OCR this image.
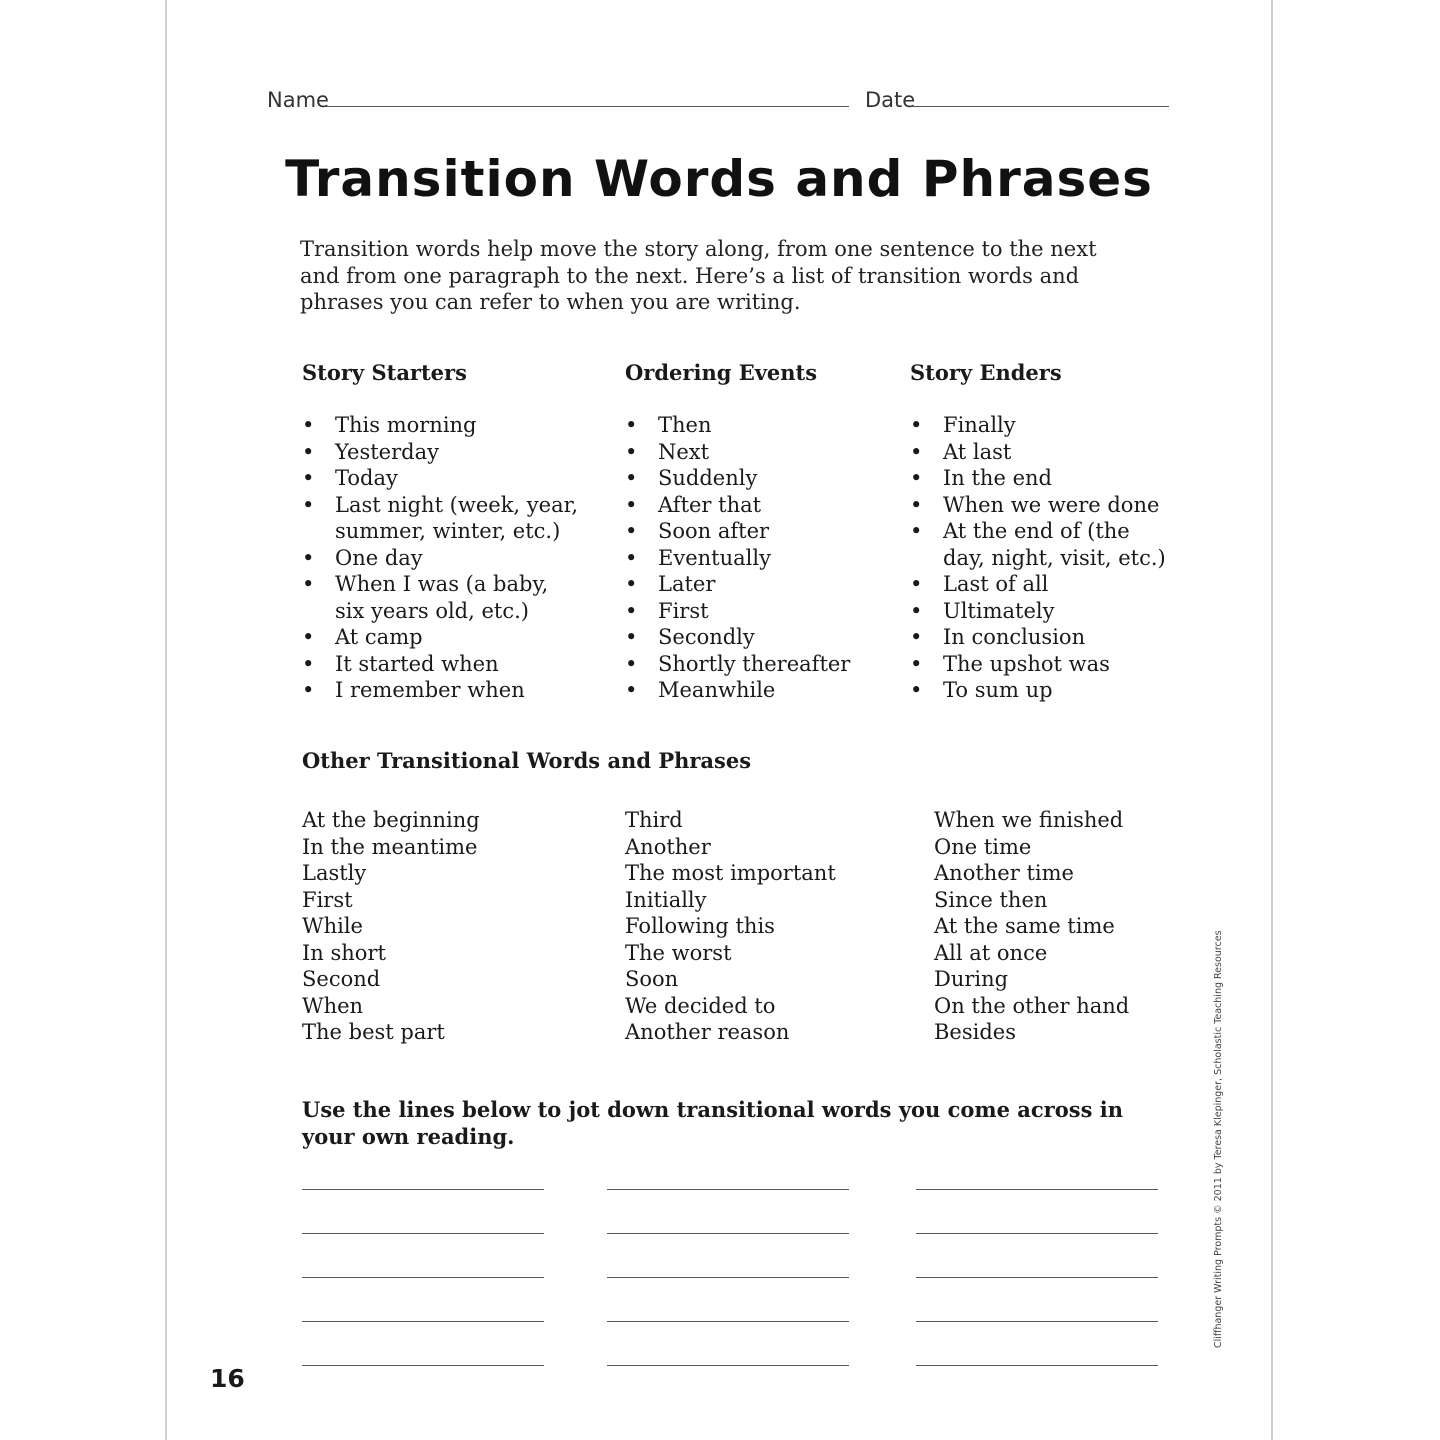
Name	Date
Transition Words and Phrases
Transition words help move the story along, from one sentence to the next and from one paragraph to the next. Here’s a list of transition words and phrases you can refer to when you are writing.
Story Starters	Ordering Events	Story Enders
• This morning
• Yesterday
• Today
• Last night (week, year, summer, winter, etc.)
• One day
• When I was (a baby, six years old, etc.)
• At camp
• It started when
• I remember when
• Then
• Next
• Suddenly
• After that
• Soon after
• Eventually
• Later
• First
• Secondly
• Shortly thereafter
• Meanwhile
• Finally
• At last
• In the end
• When we were done
• At the end of (the day, night, visit, etc.)
• Last of all
• Ultimately
• In conclusion
• The upshot was
• To sum up
Other Transitional Words and Phrases
At the beginning
In the meantime
Lastly
First
While
In short
Second
When
The best part
Third
Another
The most important
Initially
Following this
The worst
Soon
We decided to
Another reason
When we finished
One time
Another time
Since then
At the same time
All at once
During
On the other hand
Besides
Use the lines below to jot down transitional words you come across in your own reading.
16
Cliffhanger Writing Prompts © 2011 by Teresa Klepinger, Scholastic Teaching Resources
